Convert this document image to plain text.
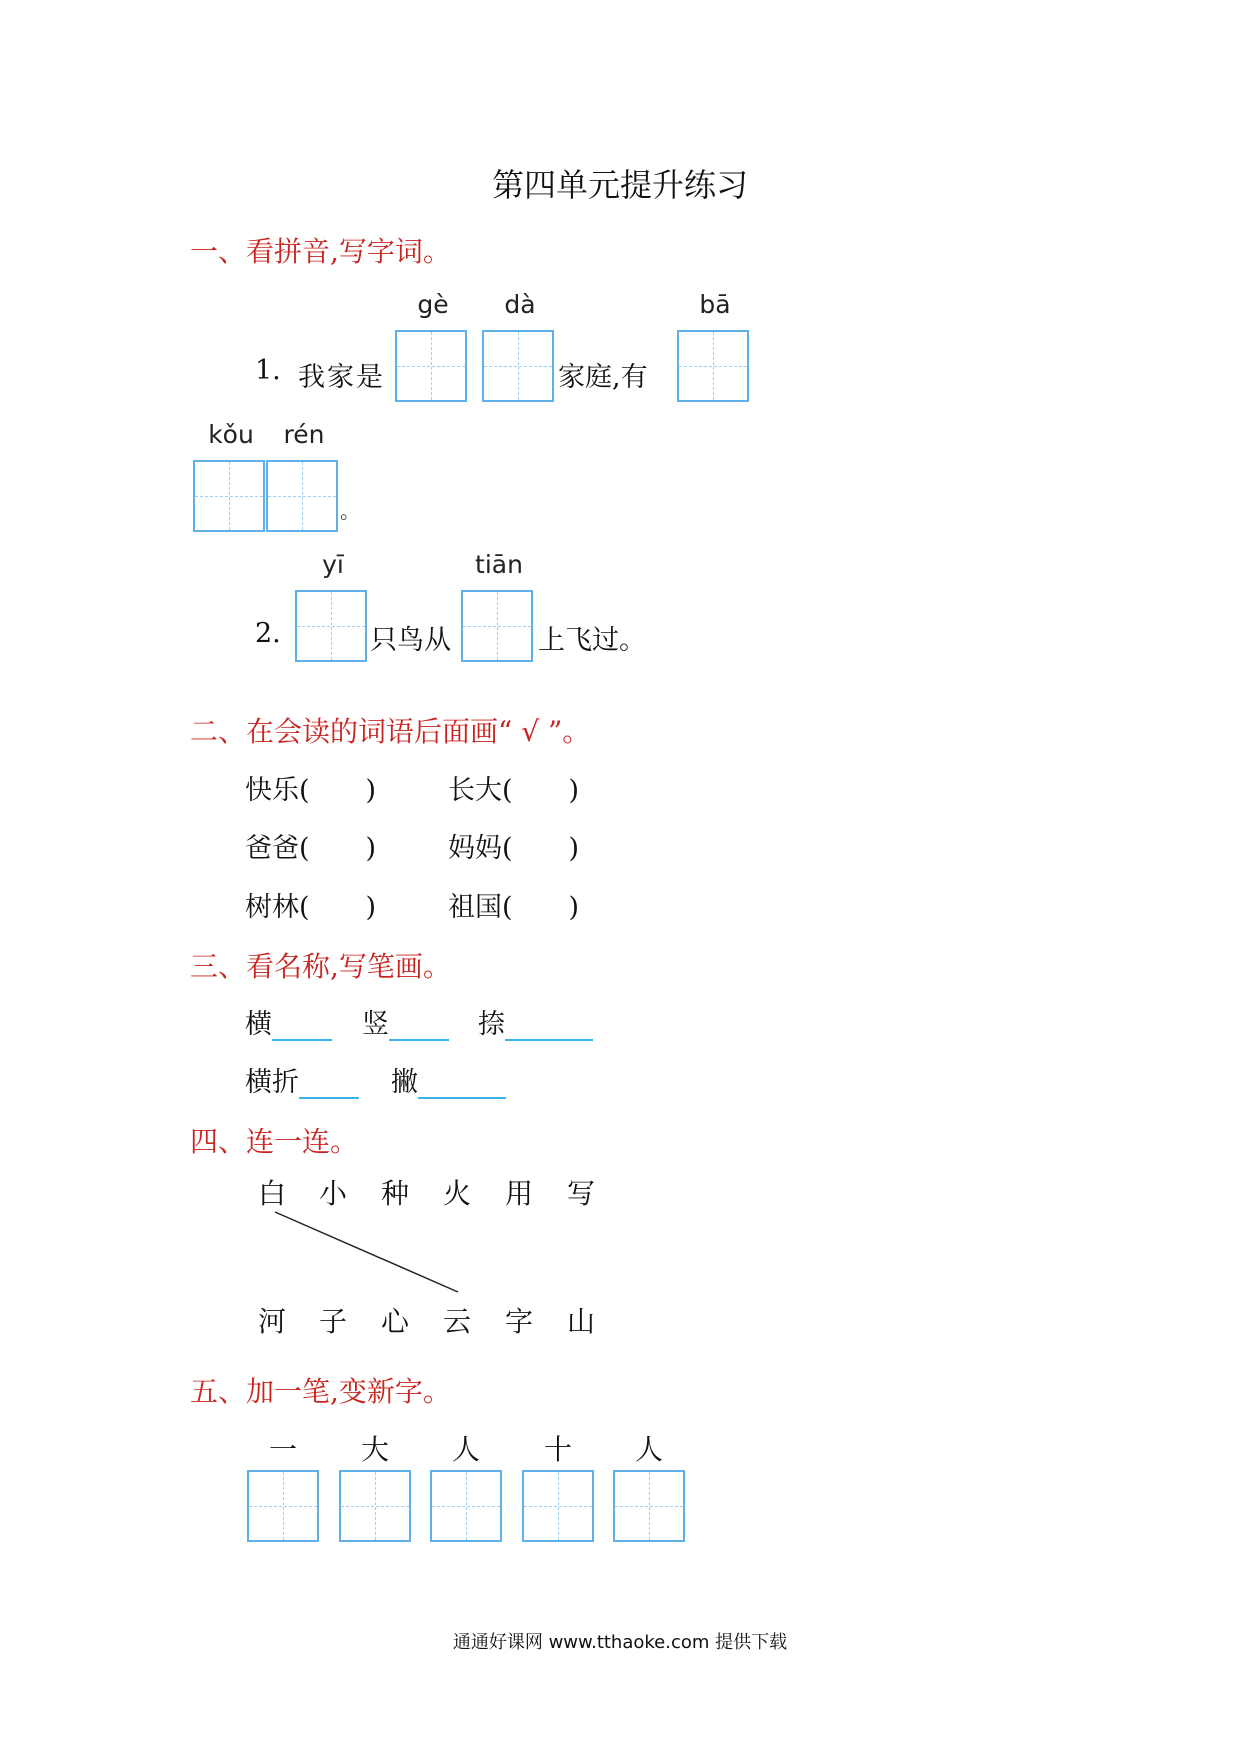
第四单元提升练习
一、看拼音,写字词。
gè	dà	bā
1. 我家是	家庭,有
kǒu	rén
。
yī	tiān
2.	只鸟从	上飞过。
二、在会读的词语后面画“ √ ”。
快乐( )	长大( )
爸爸( )	妈妈( )
树林( )	祖国( )
三、看名称,写笔画。
横	竖	捺
横折	撇
四、连一连。
白 小 种 火 用 写
河 子 心 云 字 山
五、加一笔,变新字。
一 大 人 十 人
通通好课网 www.tthaoke.com 提供下载
